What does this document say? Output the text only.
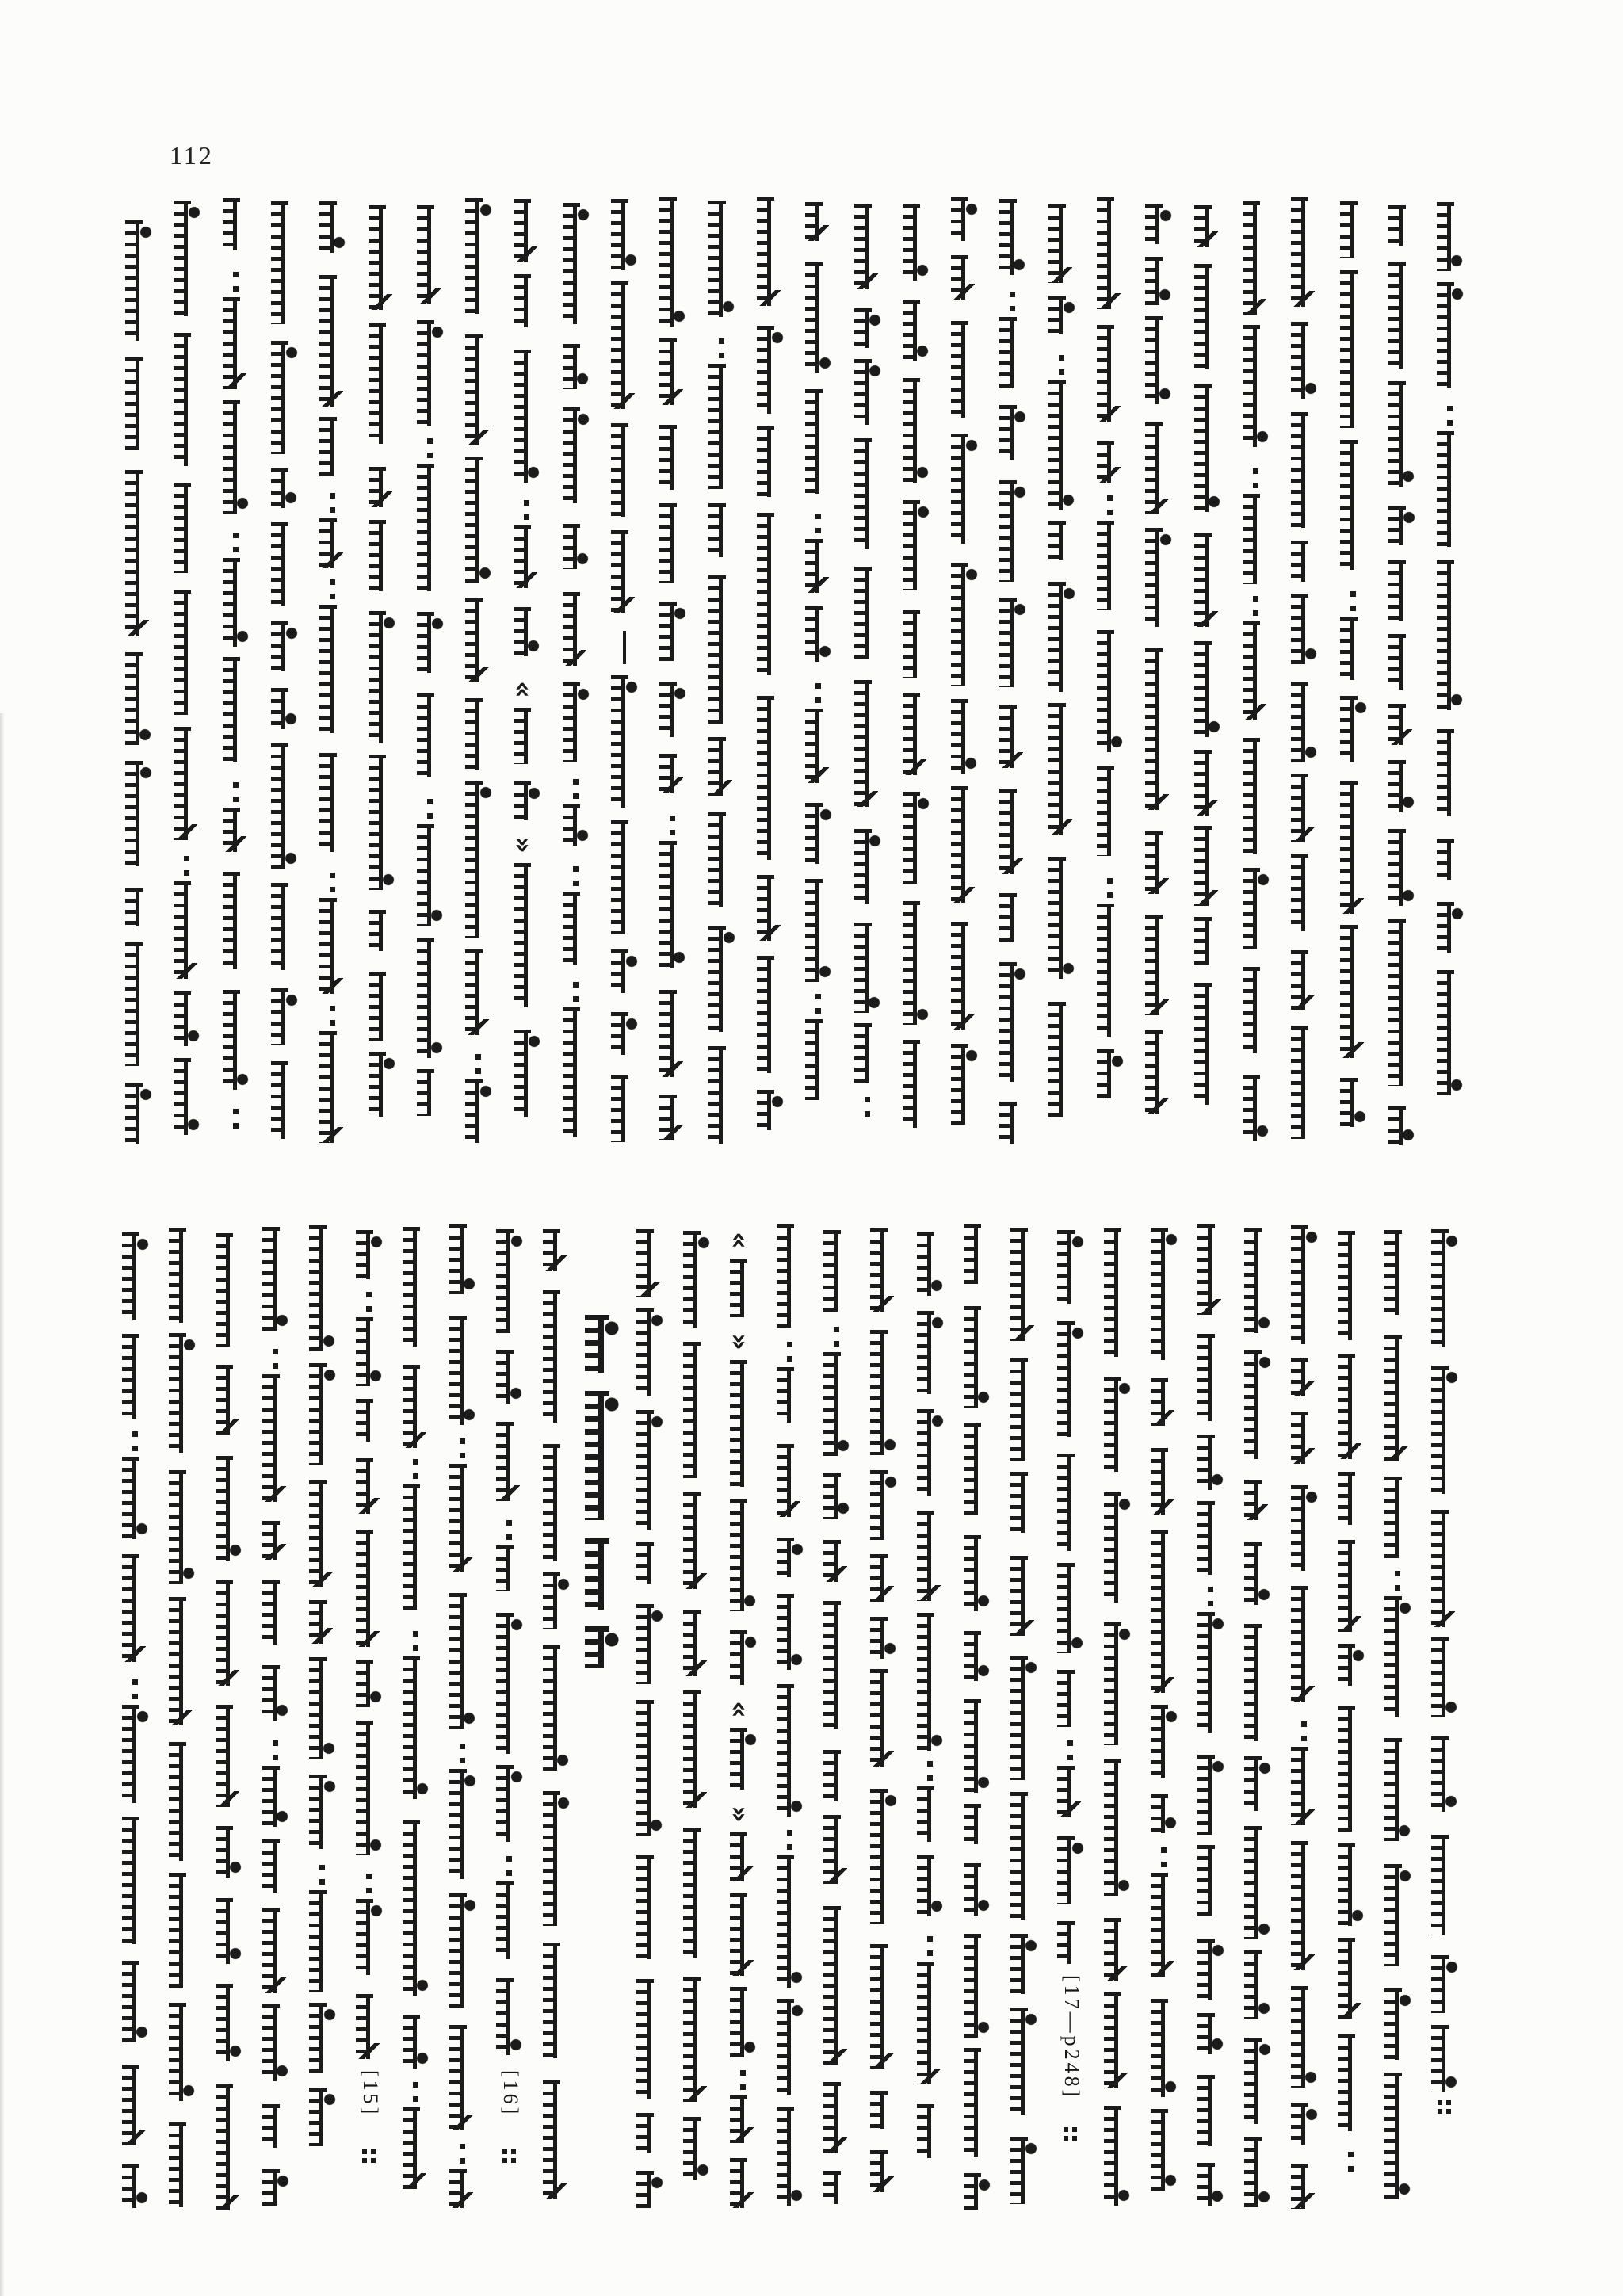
112
«
»
[15]	[16]
«
»
«
»
[17—p248]
